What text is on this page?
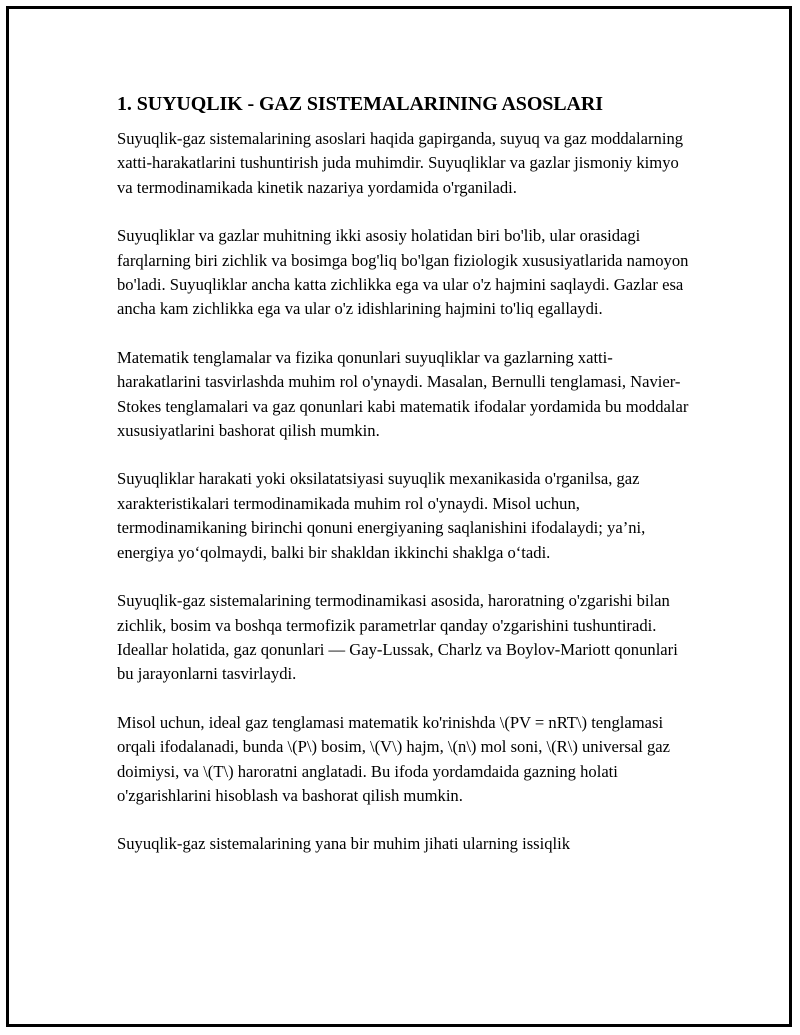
1. SUYUQLIK - GAZ SISTEMALARINING ASOSLARI

Suyuqlik-gaz sistemalarining asoslari haqida gapirganda, suyuq va gaz moddalarning xatti-harakatlarini tushuntirish juda muhimdir. Suyuqliklar va gazlar jismoniy kimyo va termodinamikada kinetik nazariya yordamida o'rganiladi.

Suyuqliklar va gazlar muhitning ikki asosiy holatidan biri bo'lib, ular orasidagi farqlarning biri zichlik va bosimga bog'liq bo'lgan fiziologik xususiyatlarida namoyon bo'ladi. Suyuqliklar ancha katta zichlikka ega va ular o'z hajmini saqlaydi. Gazlar esa ancha kam zichlikka ega va ular o'z idishlarining hajmini to'liq egallaydi.

Matematik tenglamalar va fizika qonunlari suyuqliklar va gazlarning xatti-harakatlarini tasvirlashda muhim rol o'ynaydi. Masalan, Bernulli tenglamasi, Navier-Stokes tenglamalari va gaz qonunlari kabi matematik ifodalar yordamida bu moddalar xususiyatlarini bashorat qilish mumkin.

Suyuqliklar harakati yoki oksilatatsiyasi suyuqlik mexanikasida o'rganilsa, gaz xarakteristikalari termodinamikada muhim rol o'ynaydi. Misol uchun, termodinamikaning birinchi qonuni energiyaning saqlanishini ifodalaydi; ya’ni, energiya yo‘qolmaydi, balki bir shakldan ikkinchi shaklga o‘tadi.

Suyuqlik-gaz sistemalarining termodinamikasi asosida, haroratning o'zgarishi bilan zichlik, bosim va boshqa termofizik parametrlar qanday o'zgarishini tushuntiradi. Ideallar holatida, gaz qonunlari — Gay-Lussak, Charlz va Boylov-Mariott qonunlari bu jarayonlarni tasvirlaydi.

Misol uchun, ideal gaz tenglamasi matematik ko'rinishda \(PV = nRT\) tenglamasi orqali ifodalanadi, bunda \(P\) bosim, \(V\) hajm, \(n\) mol soni, \(R\) universal gaz doimiysi, va \(T\) haroratni anglatadi. Bu ifoda yordamdaida gazning holati o'zgarishlarini hisoblash va bashorat qilish mumkin.

Suyuqlik-gaz sistemalarining yana bir muhim jihati ularning issiqlik
